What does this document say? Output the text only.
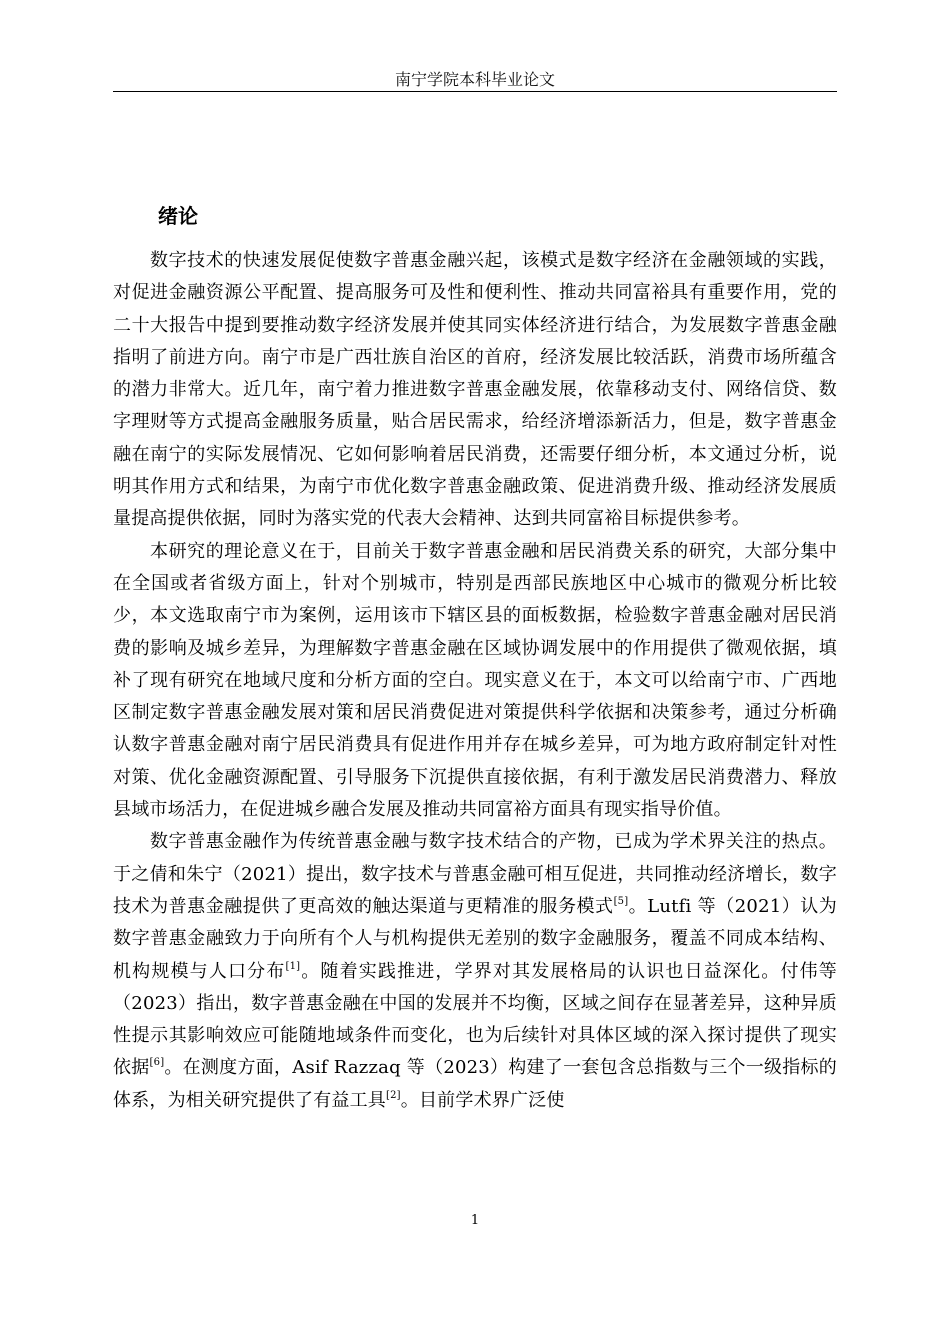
南宁学院本科毕业论文
绪论

数字技术的快速发展促使数字普惠金融兴起，该模式是数字经济在金融领域的实践，对促进金融资源公平配置、提高服务可及性和便利性、推动共同富裕具有重要作用，党的二十大报告中提到要推动数字经济发展并使其同实体经济进行结合，为发展数字普惠金融指明了前进方向。南宁市是广西壮族自治区的首府，经济发展比较活跃，消费市场所蕴含的潜力非常大。近几年，南宁着力推进数字普惠金融发展，依靠移动支付、网络信贷、数字理财等方式提高金融服务质量，贴合居民需求，给经济增添新活力，但是，数字普惠金融在南宁的实际发展情况、它如何影响着居民消费，还需要仔细分析，本文通过分析，说明其作用方式和结果，为南宁市优化数字普惠金融政策、促进消费升级、推动经济发展质量提高提供依据，同时为落实党的代表大会精神、达到共同富裕目标提供参考。

本研究的理论意义在于，目前关于数字普惠金融和居民消费关系的研究，大部分集中在全国或者省级方面上，针对个别城市，特别是西部民族地区中心城市的微观分析比较少，本文选取南宁市为案例，运用该市下辖区县的面板数据，检验数字普惠金融对居民消费的影响及城乡差异，为理解数字普惠金融在区域协调发展中的作用提供了微观依据，填补了现有研究在地域尺度和分析方面的空白。现实意义在于，本文可以给南宁市、广西地区制定数字普惠金融发展对策和居民消费促进对策提供科学依据和决策参考，通过分析确认数字普惠金融对南宁居民消费具有促进作用并存在城乡差异，可为地方政府制定针对性对策、优化金融资源配置、引导服务下沉提供直接依据，有利于激发居民消费潜力、释放县域市场活力，在促进城乡融合发展及推动共同富裕方面具有现实指导价值。

数字普惠金融作为传统普惠金融与数字技术结合的产物，已成为学术界关注的热点。于之倩和朱宁（2021）提出，数字技术与普惠金融可相互促进，共同推动经济增长，数字技术为普惠金融提供了更高效的触达渠道与更精准的服务模式[5]。Lutfi 等（2021）认为数字普惠金融致力于向所有个人与机构提供无差别的数字金融服务，覆盖不同成本结构、机构规模与人口分布[1]。随着实践推进，学界对其发展格局的认识也日益深化。付伟等（2023）指出，数字普惠金融在中国的发展并不均衡，区域之间存在显著差异，这种异质性提示其影响效应可能随地域条件而变化，也为后续针对具体区域的深入探讨提供了现实依据[6]。在测度方面，Asif Razzaq 等（2023）构建了一套包含总指数与三个一级指标的体系，为相关研究提供了有益工具[2]。目前学术界广泛使

1
